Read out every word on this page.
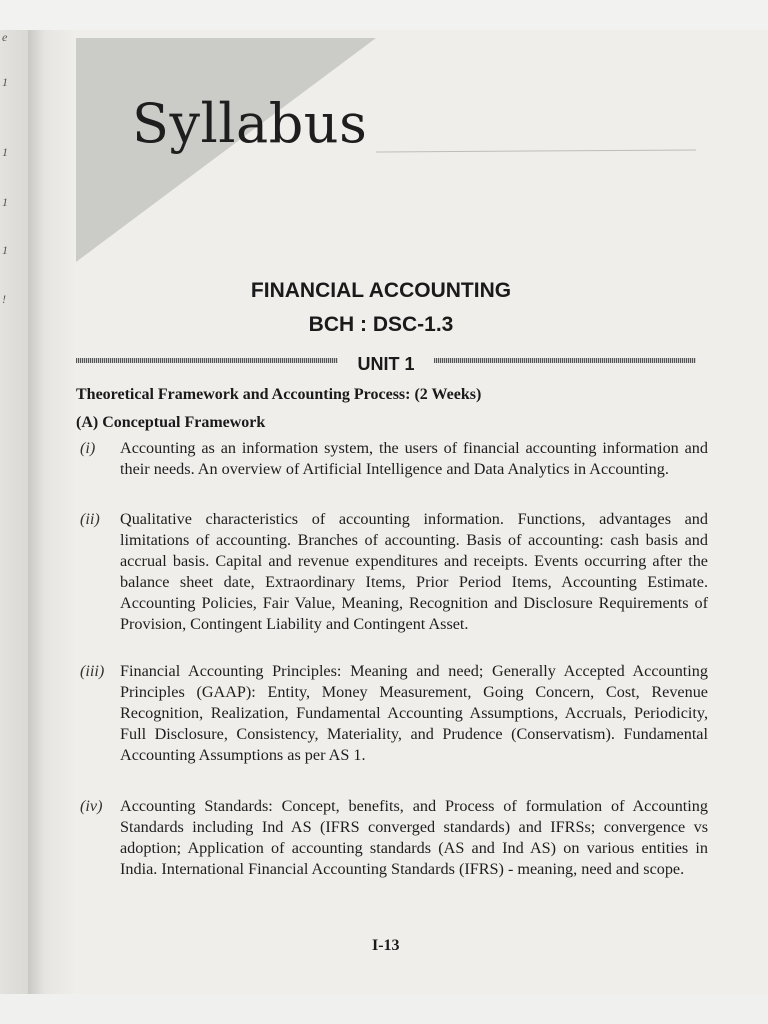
e
1
1
1
1
!
Syllabus
FINANCIAL ACCOUNTING
BCH : DSC-1.3
UNIT 1
Theoretical Framework and Accounting Process: (2 Weeks)
(A) Conceptual Framework
(i)	Accounting as an information system, the users of financial accounting information and their needs. An overview of Artificial Intelligence and Data Analytics in Accounting.
(ii)	Qualitative characteristics of accounting information. Functions, advantages and limitations of accounting. Branches of accounting. Basis of accounting: cash basis and accrual basis. Capital and revenue expenditures and receipts. Events occurring after the balance sheet date, Extraordinary Items, Prior Period Items, Accounting Estimate. Accounting Policies, Fair Value, Meaning, Recognition and Disclosure Requirements of Provision, Contingent Liability and Contingent Asset.
(iii) Financial Accounting Principles: Meaning and need; Generally Accepted Accounting Principles (GAAP): Entity, Money Measurement, Going Concern, Cost, Revenue Recognition, Realization, Fundamental Accounting Assumptions, Accruals, Periodicity, Full Disclosure, Consistency, Materiality, and Prudence (Conservatism). Fundamental Accounting Assumptions as per AS 1.
(iv)	Accounting Standards: Concept, benefits, and Process of formulation of Accounting Standards including Ind AS (IFRS converged standards) and IFRSs; convergence vs adoption; Application of accounting standards (AS and Ind AS) on various entities in India. International Financial Accounting Standards (IFRS) - meaning, need and scope.
I-13
